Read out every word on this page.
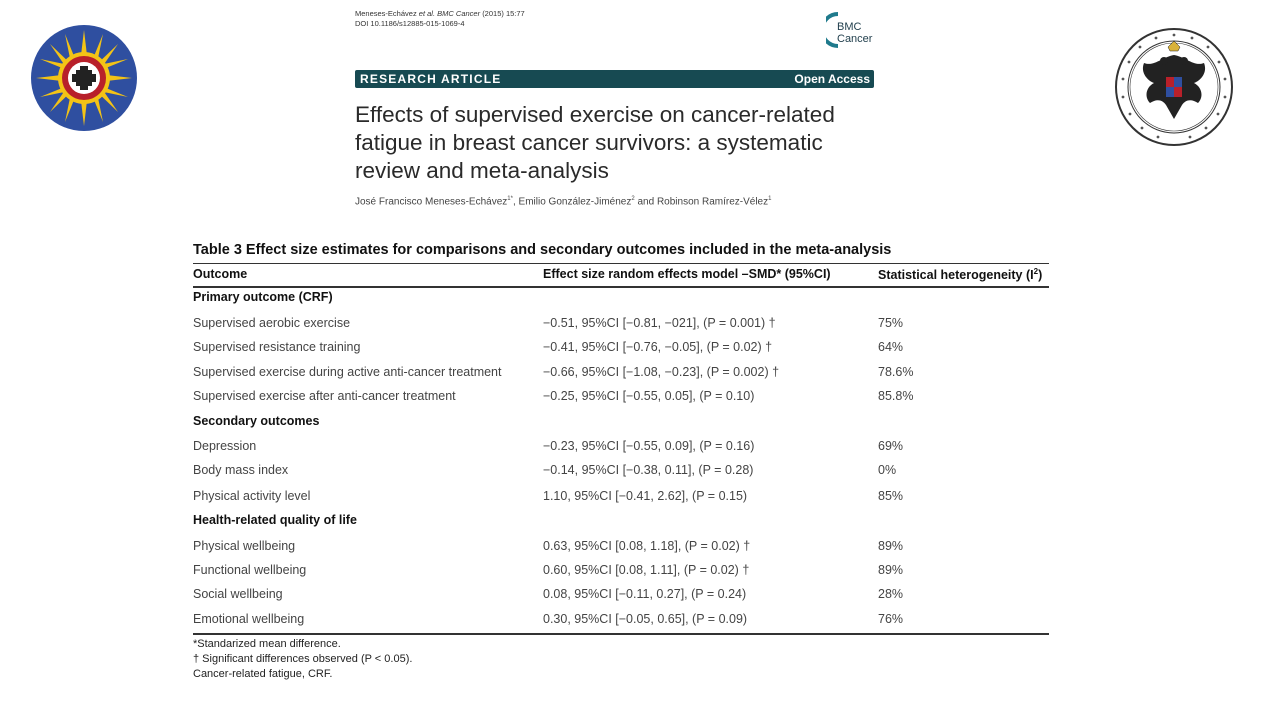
Meneses-Echávez et al. BMC Cancer (2015) 15:77
DOI 10.1186/s12885-015-1069-4	BMC
Cancer
RESEARCH ARTICLE	Open Access
Effects of supervised exercise on cancer-related
fatigue in breast cancer survivors: a systematic
review and meta-analysis
José Francisco Meneses-Echávez$^{1*}$, Emilio González-Jiménez$^2$ and Robinson Ramírez-Vélez$^1$
Table 3 Effect size estimates for comparisons and secondary outcomes included in the meta-analysis
Outcome	Effect size random effects model –SMD* (95%CI)	Statistical heterogeneity $(I^2)$
Primary outcome (CRF)
Supervised aerobic exercise	−0.51, 95%CI [−0.81, −021], (P = 0.001) †	75%
Supervised resistance training	−0.41, 95%CI [−0.76, −0.05], (P = 0.02) †	64%
Supervised exercise during active anti-cancer treatment	−0.66, 95%CI [−1.08, −0.23], (P = 0.002) †	78.6%
Supervised exercise after anti-cancer treatment	−0.25, 95%CI [−0.55, 0.05], (P = 0.10)	85.8%
Secondary outcomes
Depression	−0.23, 95%CI [−0.55, 0.09], (P = 0.16)	69%
Body mass index	−0.14, 95%CI [−0.38, 0.11], (P = 0.28)	0%
Physical activity level	1.10, 95%CI [−0.41, 2.62], (P = 0.15)	85%
Health-related quality of life
Physical wellbeing	0.63, 95%CI [0.08, 1.18], (P = 0.02) †	89%
Functional wellbeing	0.60, 95%CI [0.08, 1.11], (P = 0.02) †	89%
Social wellbeing	0.08, 95%CI [−0.11, 0.27], (P = 0.24)	28%
Emotional wellbeing	0.30, 95%CI [−0.05, 0.65], (P = 0.09)	76%
*Standarized mean difference.
† Significant differences observed (P < 0.05).
Cancer-related fatigue, CRF.
